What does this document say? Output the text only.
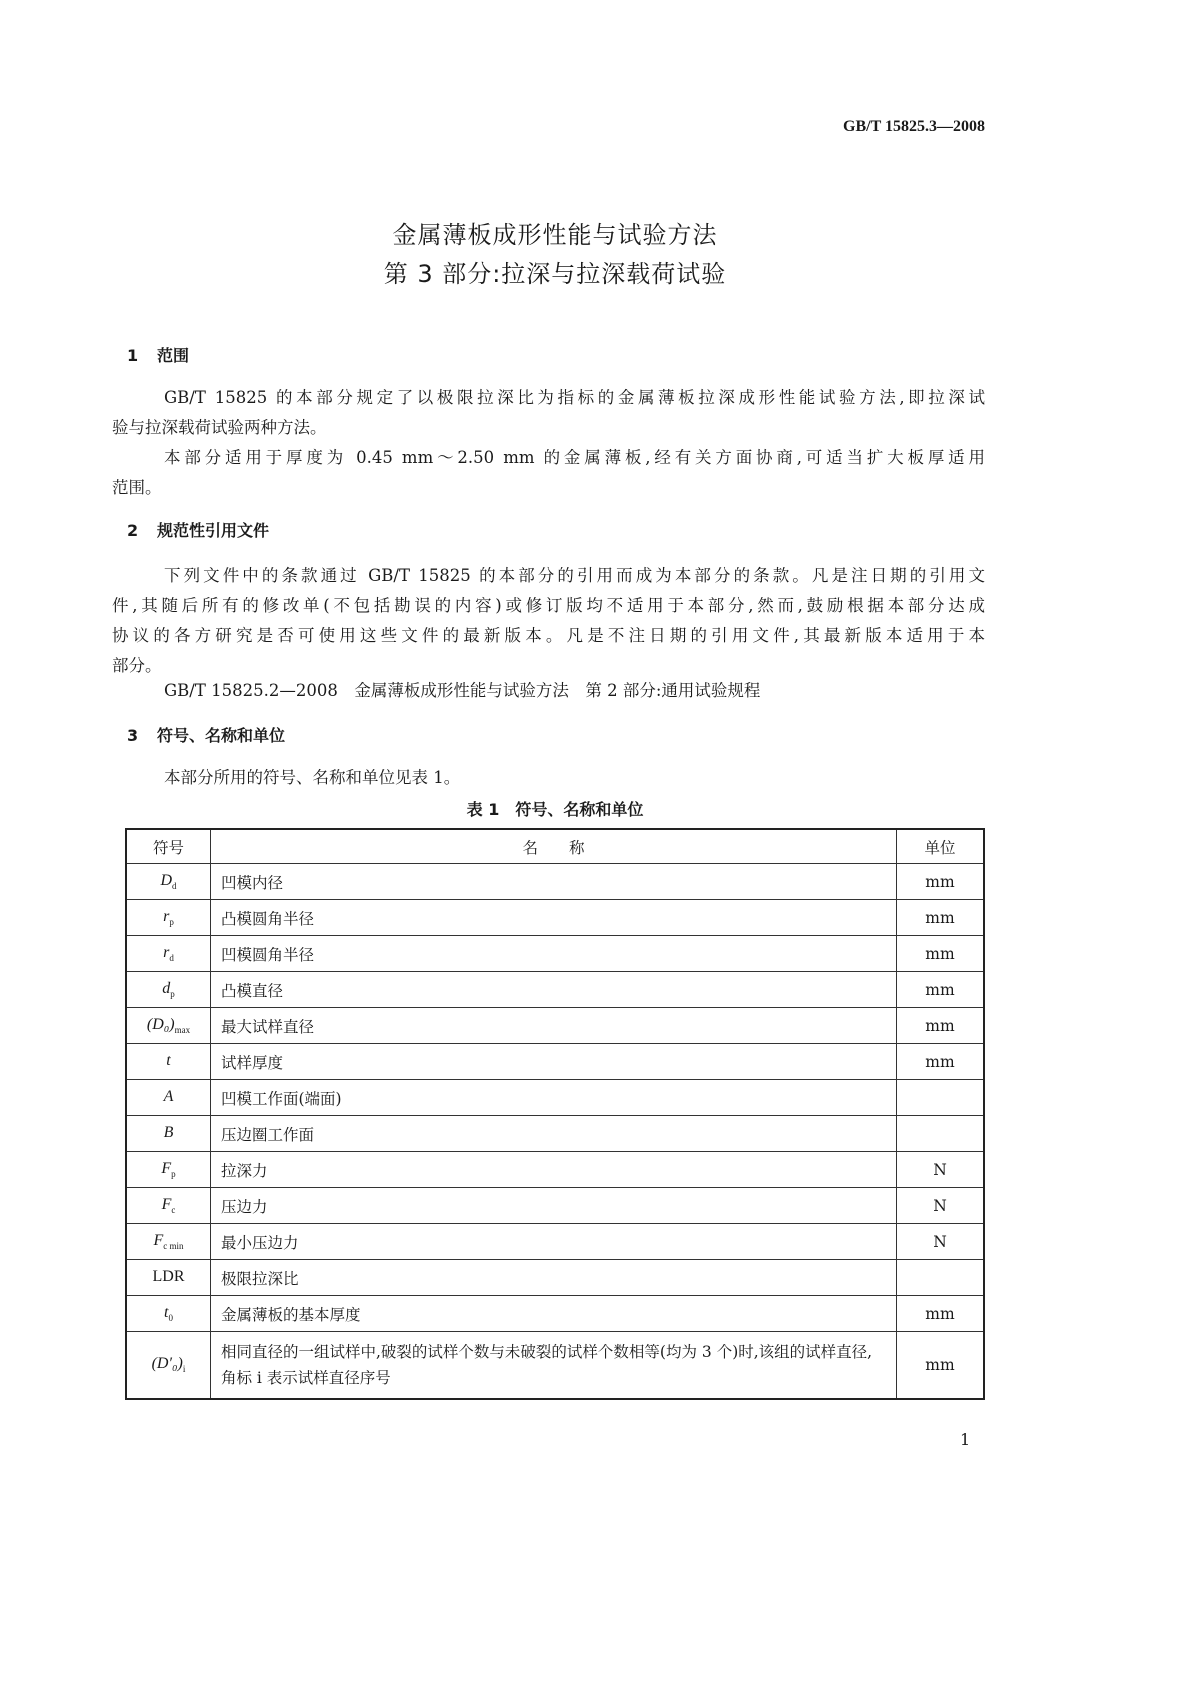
GB/T 15825.3—2008
金属薄板成形性能与试验方法
第 3 部分:拉深与拉深载荷试验
1 范围
GB/T 15825 的本部分规定了以极限拉深比为指标的金属薄板拉深成形性能试验方法,即拉深试
验与拉深载荷试验两种方法。
本部分适用于厚度为 0.45 mm～2.50 mm 的金属薄板,经有关方面协商,可适当扩大板厚适用
范围。
2 规范性引用文件
下列文件中的条款通过 GB/T 15825 的本部分的引用而成为本部分的条款。凡是注日期的引用文
件,其随后所有的修改单(不包括勘误的内容)或修订版均不适用于本部分,然而,鼓励根据本部分达成
协议的各方研究是否可使用这些文件的最新版本。凡是不注日期的引用文件,其最新版本适用于本
部分。
GB/T 15825.2—2008　金属薄板成形性能与试验方法　第 2 部分:通用试验规程
3 符号、名称和单位
本部分所用的符号、名称和单位见表 1。
表 1　符号、名称和单位
符号	名　　称	单位
$D_d$	凹模内径	mm
$r_p$	凸模圆角半径	mm
$r_d$	凹模圆角半径	mm
$d_p$	凸模直径	mm
$(D_0)_{max}$	最大试样直径	mm
t	试样厚度	mm
A	凹模工作面(端面)	
B	压边圈工作面	
$F_p$	拉深力	N
$F_c$	压边力	N
$F_{c min}$	最小压边力	N
LDR	极限拉深比	
$t_0$	金属薄板的基本厚度	mm
$(D'_0)_i$	相同直径的一组试样中,破裂的试样个数与未破裂的试样个数相等(均为 3 个)时,该组的试样直径,角标 i 表示试样直径序号	mm
1
